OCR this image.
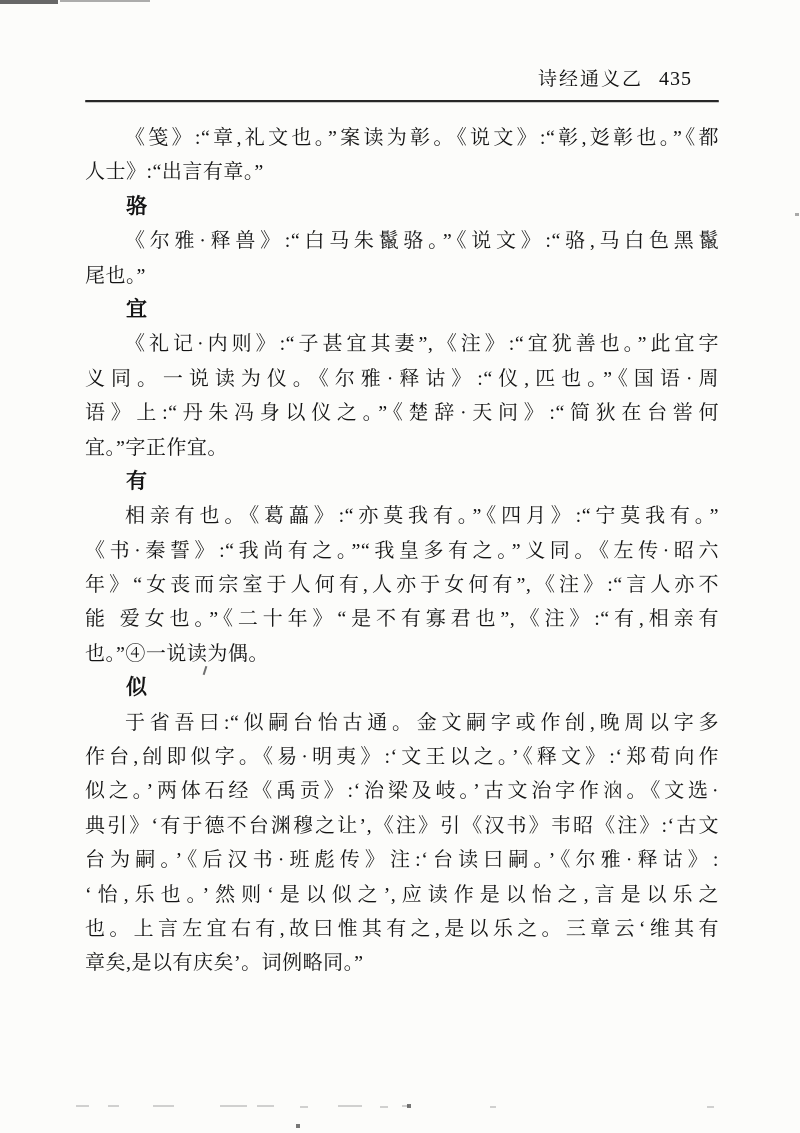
诗经通义乙 435
《笺》:“章,礼文也。”案读为彰。《说文》:“彰,彣彰也。”《都
人士》:“出言有章。”
骆
《尔雅·释兽》:“白马朱鬣骆。”《说文》:“骆,马白色黑鬣
尾也。”
宜
《礼记·内则》:“子甚宜其妻”,《注》:“宜犹善也。”此宜字
义同。一说读为仪。《尔雅·释诂》:“仪,匹也。”《国语·周
语》上:“丹朱冯身以仪之。”《楚辞·天问》:“简狄在台喾何
宜。”字正作宜。
有
相亲有也。《葛藟》:“亦莫我有。”《四月》:“宁莫我有。”
《书·秦誓》:“我尚有之。”“我皇多有之。”义同。《左传·昭六
年》“女丧而宗室于人何有,人亦于女何有”,《注》:“言人亦不
能 爱女也。”《二十年》“是不有寡君也”,《注》:“有,相亲有
也。”④一说读为偶。
似
于省吾曰:“似嗣台怡古通。金文嗣字或作刣,晚周以字多
作台,刣即似字。《易·明夷》:‘文王以之。’《释文》:‘郑荀向作
似之。’两体石经《禹贡》:‘治梁及岐。’古文治字作𣳦。《文选·
典引》‘有于德不台渊穆之让’,《注》引《汉书》韦昭《注》:‘古文
台为嗣。’《后汉书·班彪传》注:‘台读曰嗣。’《尔雅·释诂》:
‘怡,乐也。’然则‘是以似之’,应读作是以怡之,言是以乐之
也。上言左宜右有,故曰惟其有之,是以乐之。三章云‘维其有
章矣,是以有庆矣’。词例略同。”
